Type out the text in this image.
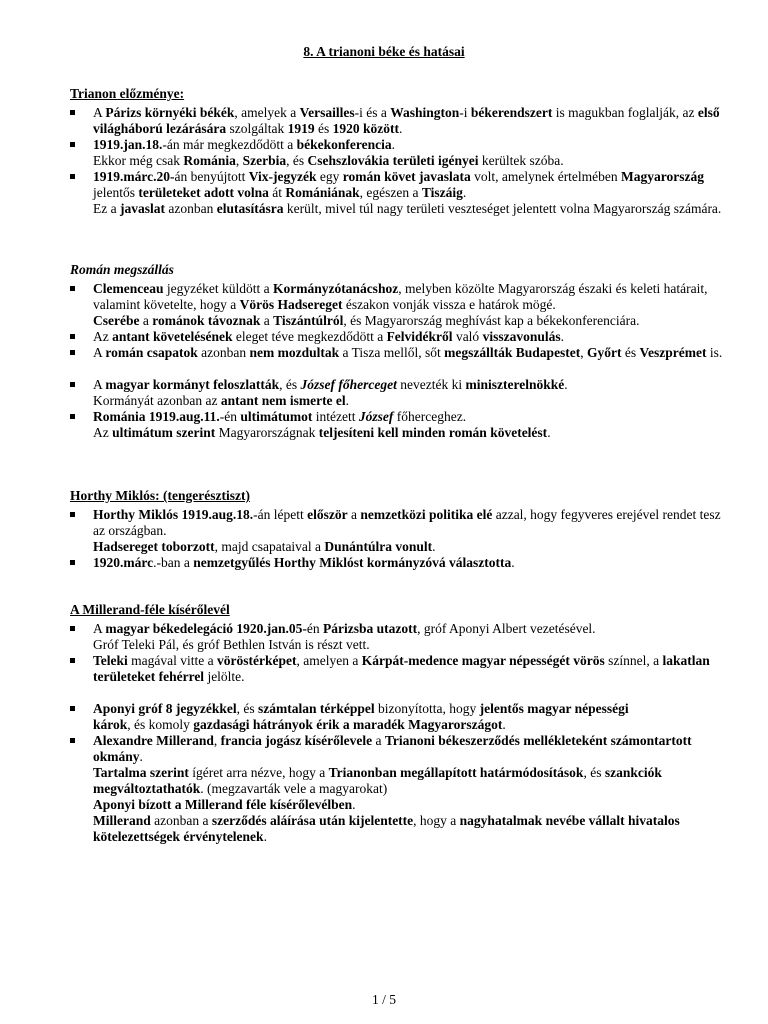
8. A trianoni béke és hatásai
Trianon előzménye:
A Párizs környéki békék, amelyek a Versailles-i és a Washington-i békerendszert is magukban foglalják, az első világháború lezárására szolgáltak 1919 és 1920 között.
1919.jan.18.-án már megkezdődött a békekonferencia.
Ekkor még csak Románia, Szerbia, és Csehszlovákia területi igényei kerültek szóba.
1919.márc.20-án benyújtott Vix-jegyzék egy román követ javaslata volt, amelynek értelmében Magyarország jelentős területeket adott volna át Romániának, egészen a Tiszáig.
Ez a javaslat azonban elutasításra került, mivel túl nagy területi veszteséget jelentett volna Magyarország számára.
Román megszállás
Clemenceau jegyzéket küldött a Kormányzótanácshoz, melyben közölte Magyarország északi és keleti határait, valamint követelte, hogy a Vörös Hadsereget északon vonják vissza e határok mögé.
Cserébe a románok távoznak a Tiszántúlról, és Magyarország meghívást kap a békekonferenciára.
Az antant követelésének eleget téve megkezdődött a Felvidékről való visszavonulás.
A román csapatok azonban nem mozdultak a Tisza mellől, sőt megszállták Budapestet, Győrt és Veszprémet is.
A magyar kormányt feloszlatták, és József főherceget nevezték ki miniszterelnökké.
Kormányát azonban az antant nem ismerte el.
Románia 1919.aug.11.-én ultimátumot intézett József főherceghez.
Az ultimátum szerint Magyarországnak teljesíteni kell minden román követelést.
Horthy Miklós: (tengerésztiszt)
Horthy Miklós 1919.aug.18.-án lépett először a nemzetközi politika elé azzal, hogy fegyveres erejével rendet tesz az országban.
Hadsereget toborzott, majd csapataival a Dunántúlra vonult.
1920.márc.-ban a nemzetgyűlés Horthy Miklóst kormányzóvá választotta.
A Millerand-féle kísérőlevél
A magyar békedelegáció 1920.jan.05-én Párizsba utazott, gróf Aponyi Albert vezetésével.
Gróf Teleki Pál, és gróf Bethlen István is részt vett.
Teleki magával vitte a vöröstérképet, amelyen a Kárpát-medence magyar népességét vörös színnel, a lakatlan területeket fehérrel jelölte.
Aponyi gróf 8 jegyzékkel, és számtalan térképpel bizonyította, hogy jelentős magyar népességi
károk, és komoly gazdasági hátrányok érik a maradék Magyarországot.
Alexandre Millerand, francia jogász kísérőlevele a Trianoni békeszerződés mellékleteként számontartott okmány.
Tartalma szerint ígéret arra nézve, hogy a Trianonban megállapított határmódosítások, és szankciók megváltoztathatók. (megzavarták vele a magyarokat)
Aponyi bízott a Millerand féle kísérőlevélben.
Millerand azonban a szerződés aláírása után kijelentette, hogy a nagyhatalmak nevébe vállalt hivatalos kötelezettségek érvénytelenek.
1 / 5
